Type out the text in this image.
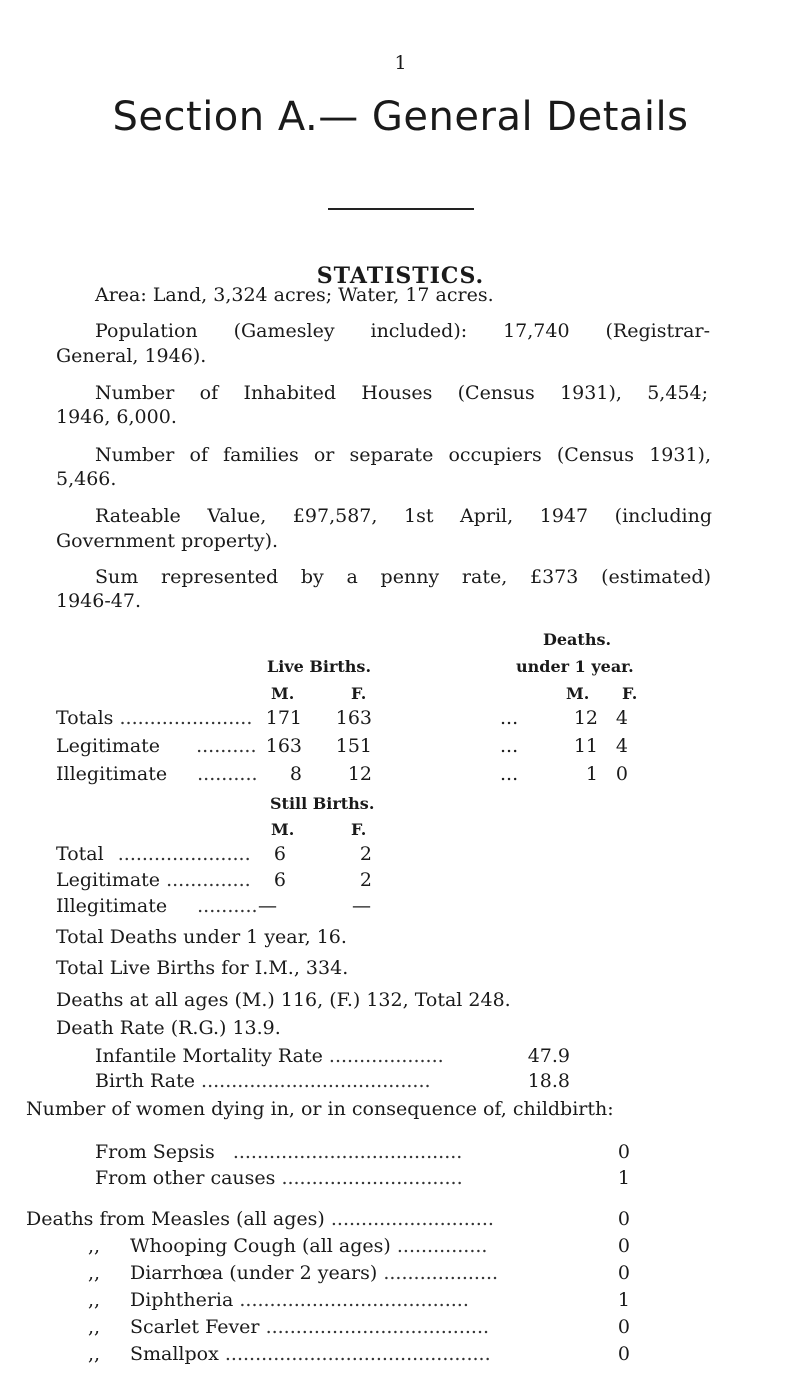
1
Section A.— General Details
STATISTICS.
Area: Land, 3,324 acres; Water, 17 acres.
Population (Gamesley included): 17,740 (Registrar-
General, 1946).
Number of Inhabited Houses (Census 1931), 5,454;
1946, 6,000.
Number of families or separate occupiers (Census 1931),
5,466.
Rateable Value, £97,587, 1st April, 1947 (including
Government property).
Sum represented by a penny rate, £373 (estimated)
1946-47.
Deaths.
Live Births.	under 1 year.
M.	F.	M. F.
Totals ...................... 171	163	...	12 4
Legitimate .......... 163	151	...	11 4
Illegitimate ..........	8	12	...	1 0
Still Births.
M.	F.
Total ......................	6	2
Legitimate ..............	6	2
Illegitimate .......... —	—
Total Deaths under 1 year, 16.
Total Live Births for I.M., 334.
Deaths at all ages (M.) 116, (F.) 132, Total 248.
Death Rate (R.G.) 13.9.
Infantile Mortality Rate ...................	47.9
Birth Rate ......................................	18.8
Number of women dying in, or in consequence of, childbirth:
From Sepsis ......................................	0
From other causes ..............................	1
Deaths from Measles (all ages) ...........................	0
,, Whooping Cough (all ages) ...............	0
,, Diarrhœa (under 2 years) ...................	0
,, Diphtheria ......................................	1
,, Scarlet Fever .....................................	0
,, Smallpox ............................................	0
